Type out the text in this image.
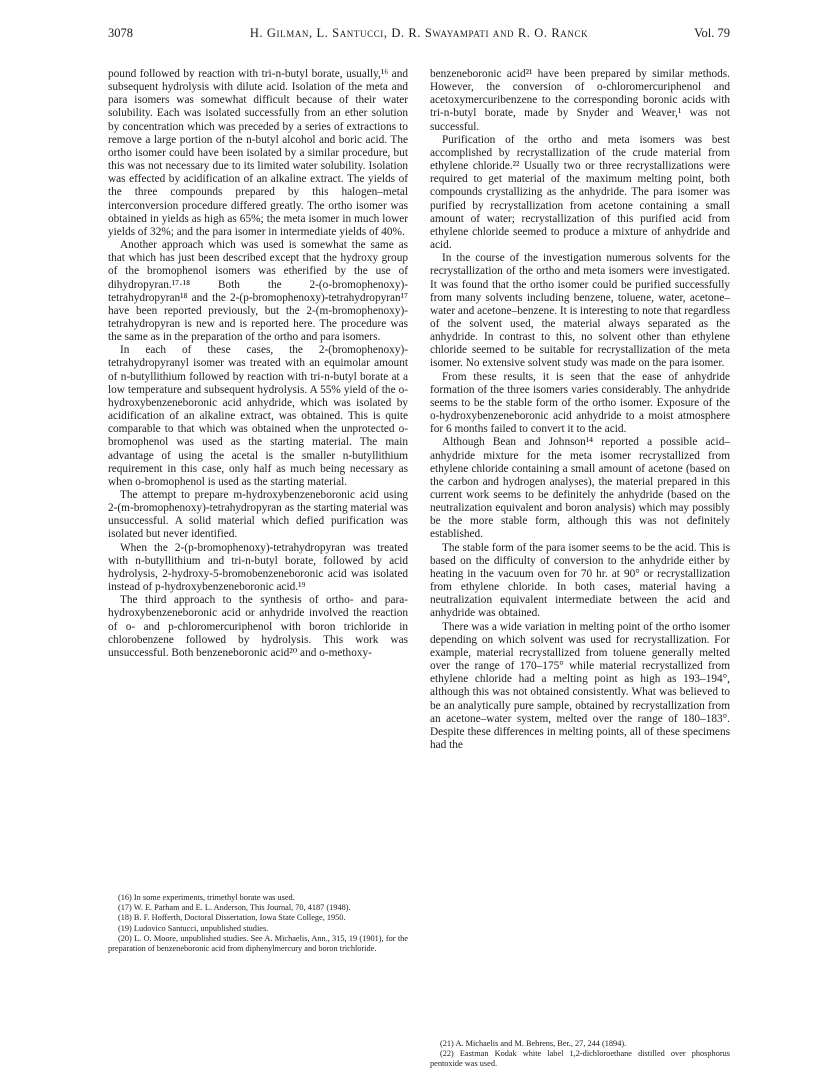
3078	H. Gilman, L. Santucci, D. R. Swayampati and R. O. Ranck	Vol. 79

pound followed by reaction with tri-n-butyl borate, usually,¹⁶ and subsequent hydrolysis with dilute acid. Isolation of the meta and para isomers was somewhat difficult because of their water solubility. Each was isolated successfully from an ether solution by concentration which was preceded by a series of extractions to remove a large portion of the n-butyl alcohol and boric acid. The ortho isomer could have been isolated by a similar procedure, but this was not necessary due to its limited water solubility. Isolation was effected by acidification of an alkaline extract. The yields of the three compounds prepared by this halogen–metal interconversion procedure differed greatly. The ortho isomer was obtained in yields as high as 65%; the meta isomer in much lower yields of 32%; and the para isomer in intermediate yields of 40%.

Another approach which was used is somewhat the same as that which has just been described except that the hydroxy group of the bromophenol isomers was etherified by the use of dihydropyran.¹⁷·¹⁸ Both the 2-(o-bromophenoxy)-tetrahydropyran¹⁸ and the 2-(p-bromophenoxy)-tetrahydropyran¹⁷ have been reported previously, but the 2-(m-bromophenoxy)-tetrahydropyran is new and is reported here. The procedure was the same as in the preparation of the ortho and para isomers.

In each of these cases, the 2-(bromophenoxy)-tetrahydropyranyl isomer was treated with an equimolar amount of n-butyllithium followed by reaction with tri-n-butyl borate at a low temperature and subsequent hydrolysis. A 55% yield of the o-hydroxybenzeneboronic acid anhydride, which was isolated by acidification of an alkaline extract, was obtained. This is quite comparable to that which was obtained when the unprotected o-bromophenol was used as the starting material. The main advantage of using the acetal is the smaller n-butyllithium requirement in this case, only half as much being necessary as when o-bromophenol is used as the starting material.

The attempt to prepare m-hydroxybenzeneboronic acid using 2-(m-bromophenoxy)-tetrahydropyran as the starting material was unsuccessful. A solid material which defied purification was isolated but never identified.

When the 2-(p-bromophenoxy)-tetrahydropyran was treated with n-butyllithium and tri-n-butyl borate, followed by acid hydrolysis, 2-hydroxy-5-bromobenzeneboronic acid was isolated instead of p-hydroxybenzeneboronic acid.¹⁹

The third approach to the synthesis of ortho- and para-hydroxybenzeneboronic acid or anhydride involved the reaction of o- and p-chloromercuriphenol with boron trichloride in chlorobenzene followed by hydrolysis. This work was unsuccessful. Both benzeneboronic acid²⁰ and o-methoxy-

benzeneboronic acid²¹ have been prepared by similar methods. However, the conversion of o-chloromercuriphenol and acetoxymercuribenzene to the corresponding boronic acids with tri-n-butyl borate, made by Snyder and Weaver,¹ was not successful.

Purification of the ortho and meta isomers was best accomplished by recrystallization of the crude material from ethylene chloride.²² Usually two or three recrystallizations were required to get material of the maximum melting point, both compounds crystallizing as the anhydride. The para isomer was purified by recrystallization from acetone containing a small amount of water; recrystallization of this purified acid from ethylene chloride seemed to produce a mixture of anhydride and acid.

In the course of the investigation numerous solvents for the recrystallization of the ortho and meta isomers were investigated. It was found that the ortho isomer could be purified successfully from many solvents including benzene, toluene, water, acetone–water and acetone–benzene. It is interesting to note that regardless of the solvent used, the material always separated as the anhydride. In contrast to this, no solvent other than ethylene chloride seemed to be suitable for recrystallization of the meta isomer. No extensive solvent study was made on the para isomer.

From these results, it is seen that the ease of anhydride formation of the three isomers varies considerably. The anhydride seems to be the stable form of the ortho isomer. Exposure of the o-hydroxybenzeneboronic acid anhydride to a moist atmosphere for 6 months failed to convert it to the acid.

Although Bean and Johnson¹⁴ reported a possible acid–anhydride mixture for the meta isomer recrystallized from ethylene chloride containing a small amount of acetone (based on the carbon and hydrogen analyses), the material prepared in this current work seems to be definitely the anhydride (based on the neutralization equivalent and boron analysis) which may possibly be the more stable form, although this was not definitely established.

The stable form of the para isomer seems to be the acid. This is based on the difficulty of conversion to the anhydride either by heating in the vacuum oven for 70 hr. at 90° or recrystallization from ethylene chloride. In both cases, material having a neutralization equivalent intermediate between the acid and anhydride was obtained.

There was a wide variation in melting point of the ortho isomer depending on which solvent was used for recrystallization. For example, material recrystallized from toluene generally melted over the range of 170–175° while material recrystallized from ethylene chloride had a melting point as high as 193–194°, although this was not obtained consistently. What was believed to be an analytically pure sample, obtained by recrystallization from an acetone–water system, melted over the range of 180–183°. Despite these differences in melting points, all of these specimens had the

(16) In some experiments, trimethyl borate was used.
(17) W. E. Parham and E. L. Anderson, This Journal, 70, 4187 (1948).
(18) B. F. Hofferth, Doctoral Dissertation, Iowa State College, 1950.
(19) Ludovico Santucci, unpublished studies.
(20) L. O. Moore, unpublished studies. See A. Michaelis, Ann., 315, 19 (1901), for the preparation of benzeneboronic acid from diphenylmercury and boron trichloride.
(21) A. Michaelis and M. Behrens, Ber., 27, 244 (1894).
(22) Eastman Kodak white label 1,2-dichloroethane distilled over phosphorus pentoxide was used.
